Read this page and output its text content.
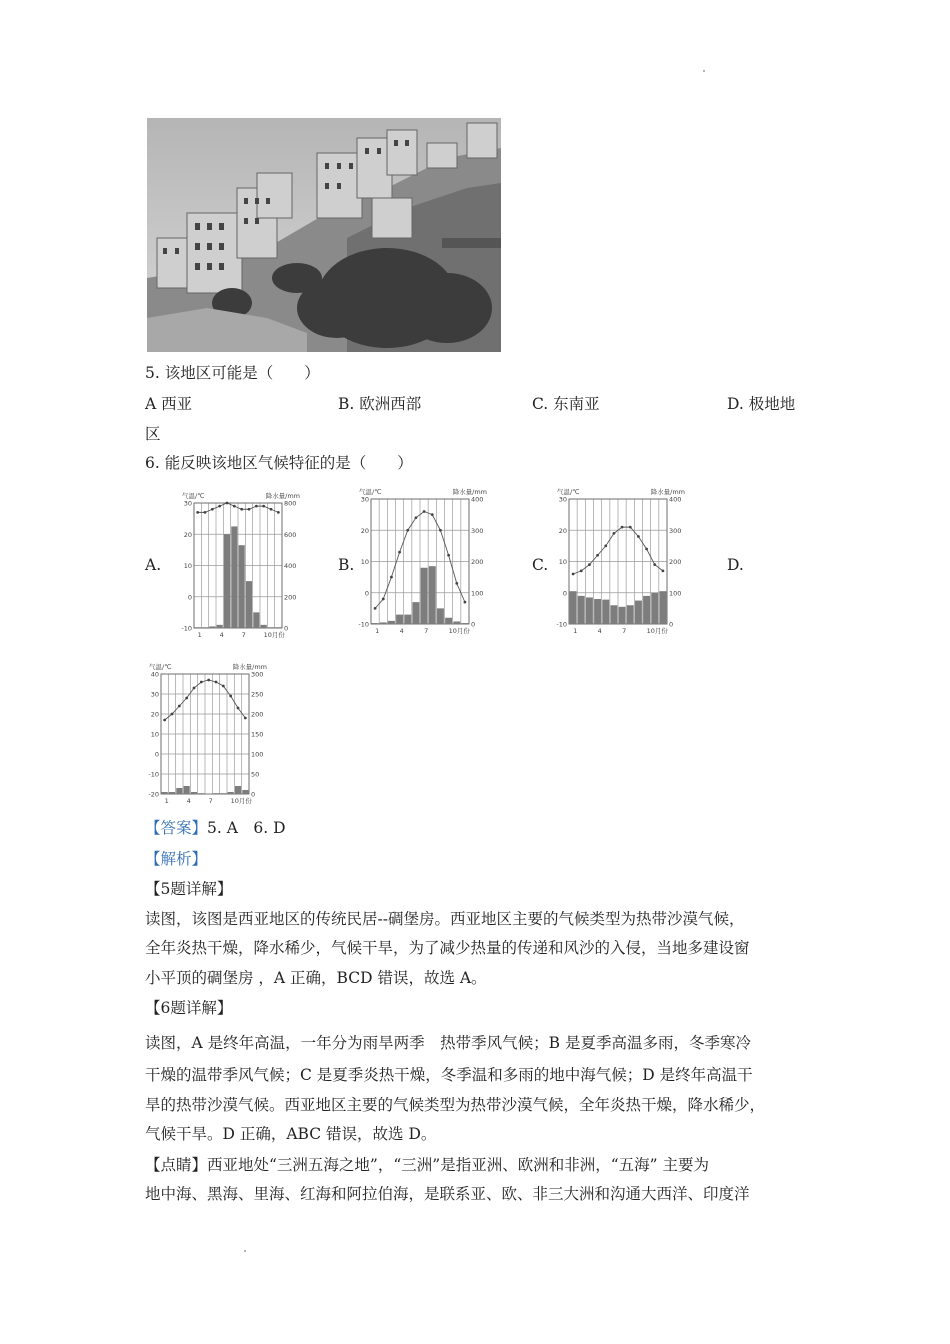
5. 该地区可能是（　　）
A 西亚	B. 欧洲西部	C. 东南亚	D. 极地地
区
6. 能反映该地区气候特征的是（　　）
A.	B.	C.	D.
-10
0
10
20
30
0
200
400
600
800
气温/℃	降水量/mm
1	4	7	10月份
-10
0
10
20
30
0
100
200
300
400
气温/℃	降水量/mm
1	4	7	10月份
-10
0
10
20
30
0
100
200
300
400
气温/℃	降水量/mm
1	4	7	10月份
-20
-10
0
10
20
30
40
0
50
100
150
200
250
300
气温/℃	降水量/mm
1	4	7	10月份
【答案】5. A　6. D
【解析】
【5题详解】
读图，该图是西亚地区的传统民居--碉堡房。西亚地区主要的气候类型为热带沙漠气候，
全年炎热干燥，降水稀少，气候干旱，为了减少热量的传递和风沙的入侵，当地多建设窗
小平顶的碉堡房 ，A 正确，BCD 错误，故选 A。
【6题详解】
读图，A 是终年高温，一年分为雨旱两季　热带季风气候；B 是夏季高温多雨，冬季寒冷
干燥的温带季风气候；C 是夏季炎热干燥，冬季温和多雨的地中海气候；D 是终年高温干
旱的热带沙漠气候。西亚地区主要的气候类型为热带沙漠气候，全年炎热干燥，降水稀少，
气候干旱。D 正确，ABC 错误，故选 D。
【点睛】西亚地处“三洲五海之地”，“三洲”是指亚洲、欧洲和非洲，“五海” 主要为
地中海、黑海、里海、红海和阿拉伯海，是联系亚、欧、非三大洲和沟通大西洋、印度洋
